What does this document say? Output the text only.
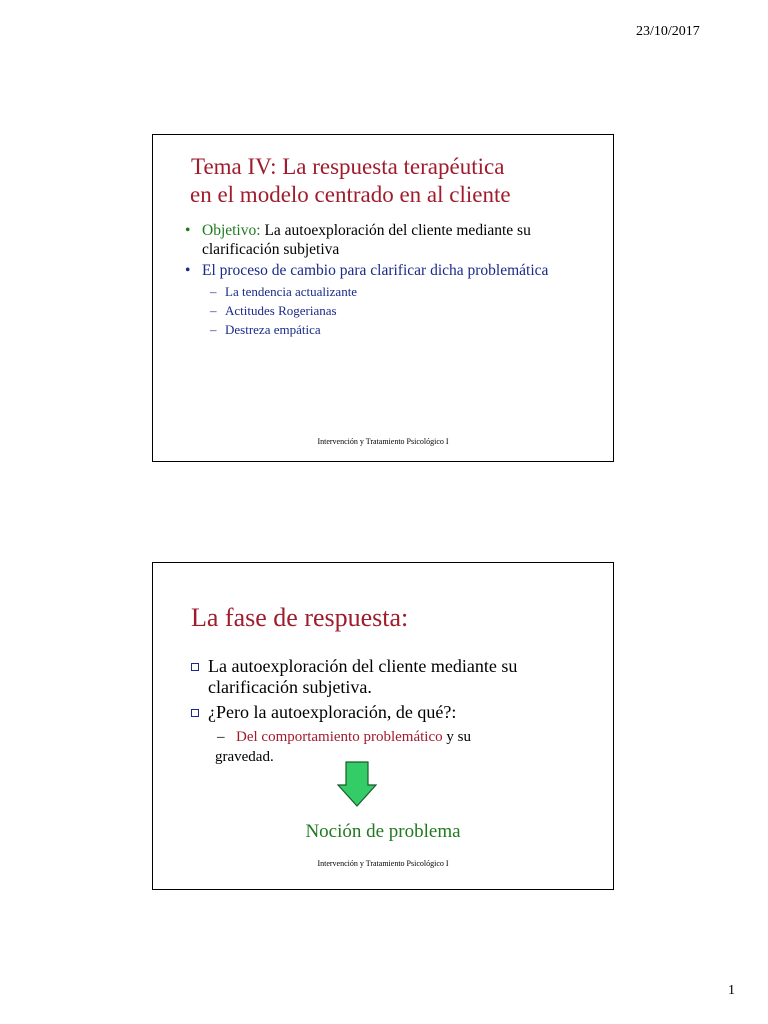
23/10/2017
Tema IV: La respuesta terapéutica
en el modelo centrado en al cliente
• Objetivo: La autoexploración del cliente mediante su clarificación subjetiva
• El proceso de cambio para clarificar dicha problemática
– La tendencia actualizante
– Actitudes Rogerianas
– Destreza empática
Intervención y Tratamiento Psicológico I
La fase de respuesta:
La autoexploración del cliente mediante su clarificación subjetiva.
¿Pero la autoexploración, de qué?:
– Del comportamiento problemático y su
gravedad.
Noción de problema
Intervención y Tratamiento Psicológico I
1
